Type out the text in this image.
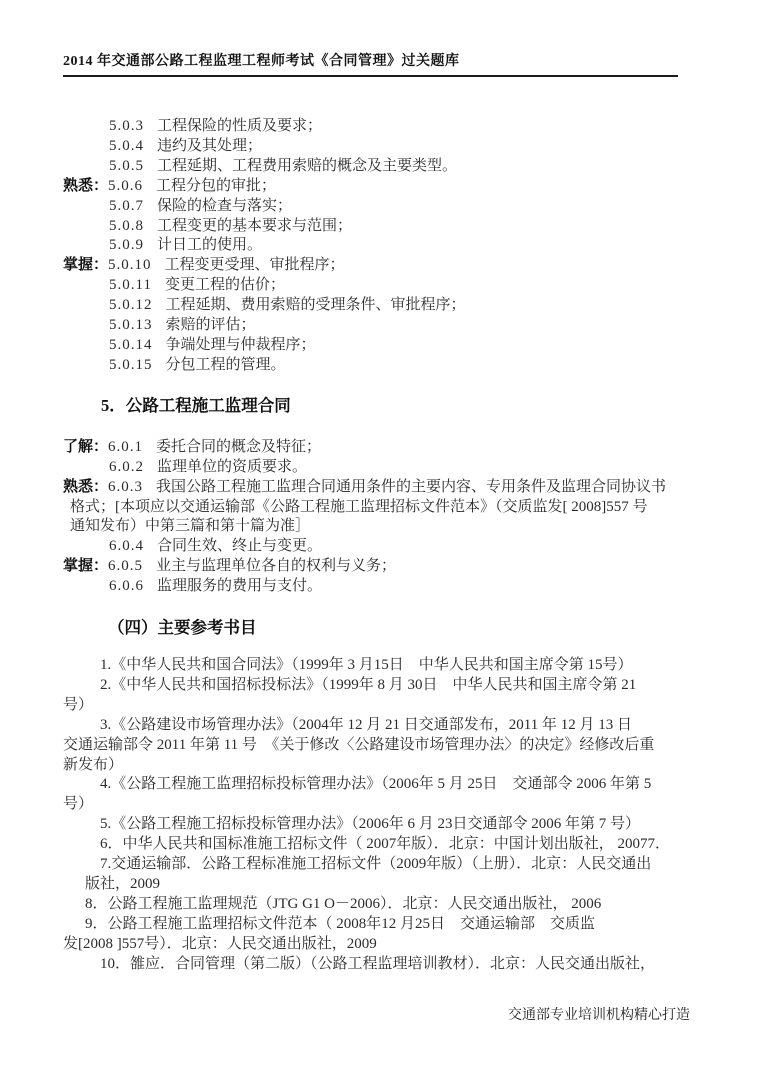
2014 年交通部公路工程监理工程师考试《合同管理》过关题库
5.0.3 工程保险的性质及要求；
5.0.4 违约及其处理；
5.0.5 工程延期、工程费用索赔的概念及主要类型。
熟悉：5.0.6 工程分包的审批；
5.0.7 保险的检查与落实；
5.0.8 工程变更的基本要求与范围；
5.0.9 计日工的使用。
掌握：5.0.10 工程变更受理、审批程序；
5.0.11 变更工程的估价；
5.0.12 工程延期、费用索赔的受理条件、审批程序；
5.0.13 索赔的评估；
5.0.14 争端处理与仲裁程序；
5.0.15 分包工程的管理。
5．公路工程施工监理合同
了解：6.0.1 委托合同的概念及特征；
6.0.2 监理单位的资质要求。
熟悉：6.0.3 我国公路工程施工监理合同通用条件的主要内容、专用条件及监理合同协议书
格式；[本项应以交通运输部《公路工程施工监理招标文件范本》（交质监发[ 2008]557 号
通知发布）中第三篇和第十篇为准］
6.0.4 合同生效、终止与变更。
掌握：6.0.5 业主与监理单位各自的权利与义务；
6.0.6 监理服务的费用与支付。
（四）主要参考书目
1.《中华人民共和国合同法》（1999年 3 月15日　中华人民共和国主席令第 15号）
2.《中华人民共和国招标投标法》（1999年 8 月 30日　中华人民共和国主席令第 21
号）
3.《公路建设市场管理办法》（2004年 12 月 21 日交通部发布，2011 年 12 月 13 日
交通运输部令 2011 年第 11 号　《关于修改〈公路建设市场管理办法〉的决定》经修改后重
新发布）
4.《公路工程施工监理招标投标管理办法》（2006年 5 月 25日　交通部令 2006 年第 5
号）
5.《公路工程施工招标投标管理办法》（2006年 6 月 23日交通部令 2006 年第 7 号）
6．中华人民共和国标准施工招标文件（ 2007年版）．北京：中国计划出版社， 20077．
7.交通运输部．公路工程标准施工招标文件（2009年版）（上册）．北京：人民交通出
版社，2009
8．公路工程施工监理规范（JTG G1 O－2006）．北京：人民交通出版社， 2006
9．公路工程施工监理招标文件范本（ 2008年12 月25日　交通运输部　交质监
发[2008 ]557号）．北京：人民交通出版社，2009
10．雒应．合同管理（第二版）（公路工程监理培训教材）．北京：人民交通出版社，
交通部专业培训机构精心打造
